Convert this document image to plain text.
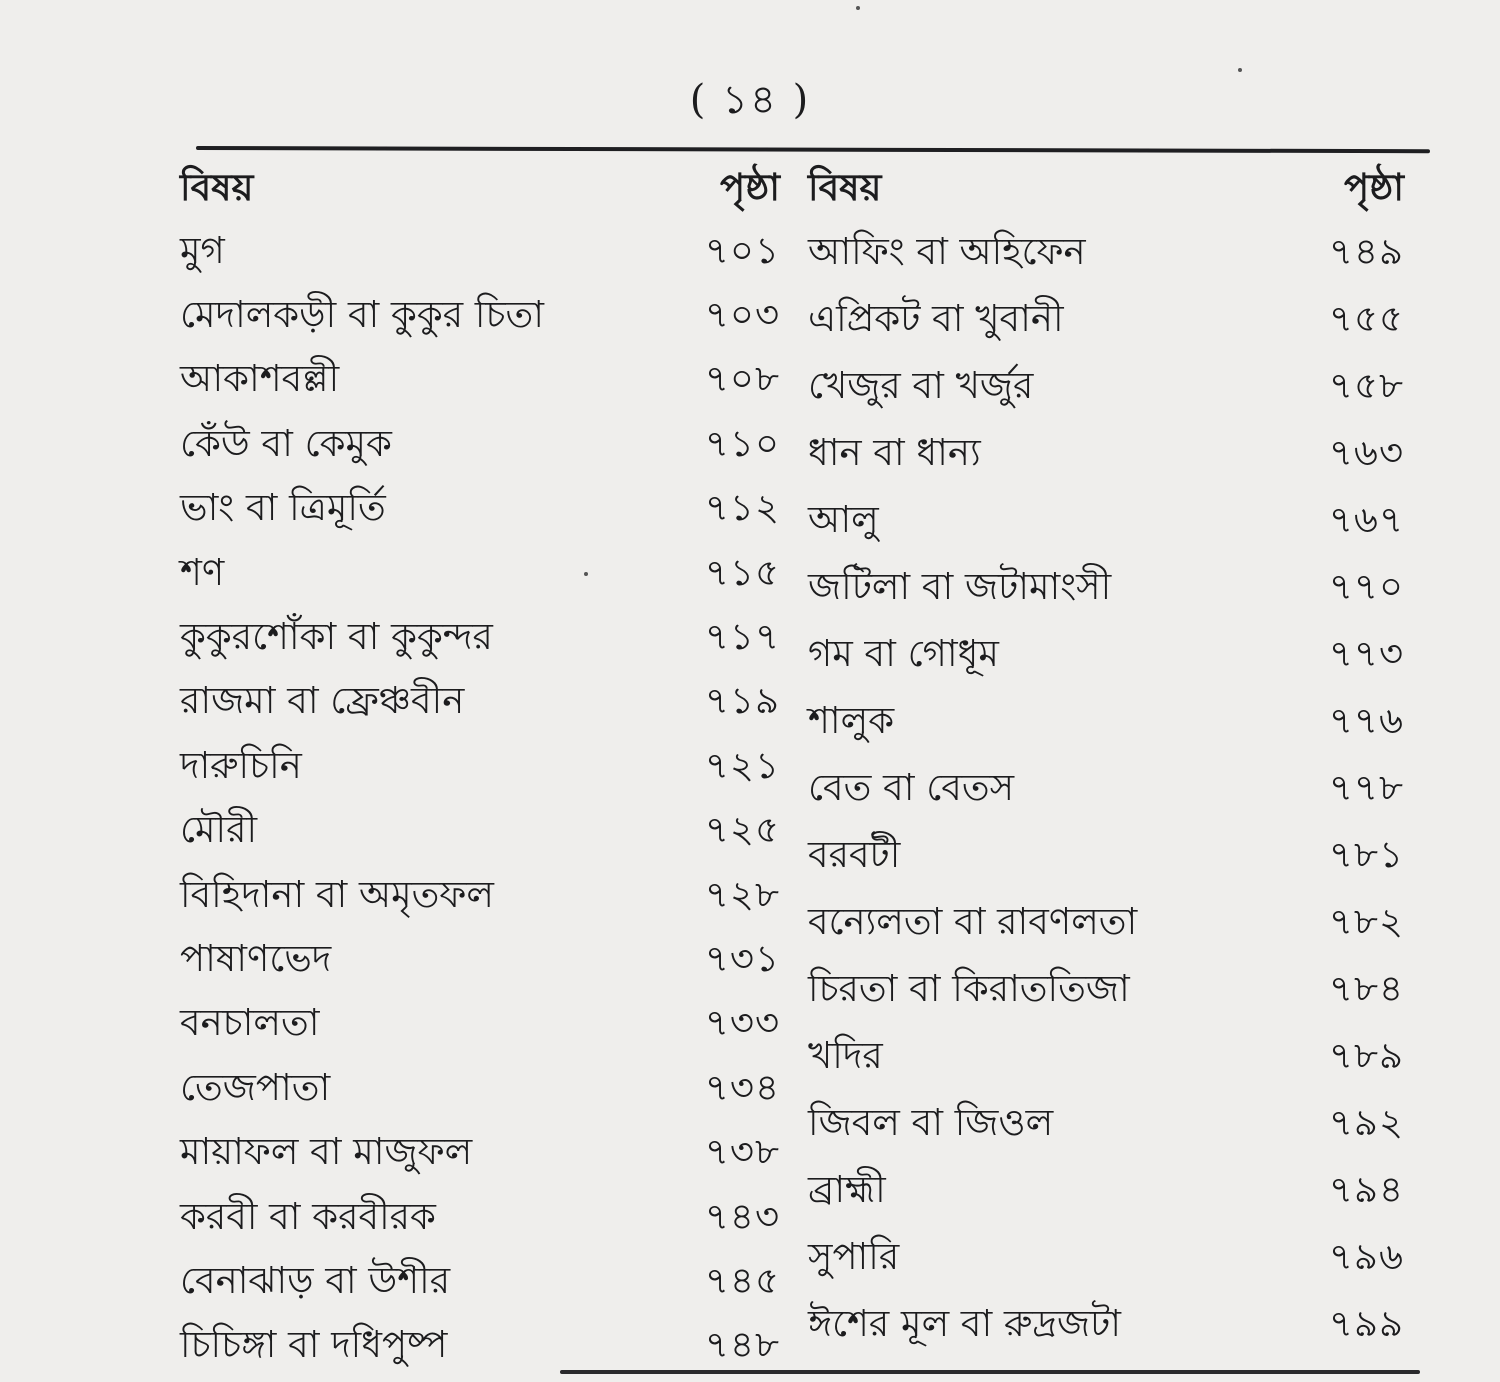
( ১৪ )
বিষয়	পৃষ্ঠা
মুগ	৭০১
মেদালকড়ী বা কুকুর চিতা	৭০৩
আকাশবল্লী	৭০৮
কেঁউ বা কেমুক	৭১০
ভাং বা ত্রিমূর্তি	৭১২
শণ	৭১৫
কুকুরশোঁকা বা কুকুন্দর	৭১৭
রাজমা বা ফ্রেঞ্চবীন	৭১৯
দারুচিনি	৭২১
মৌরী	৭২৫
বিহিদানা বা অমৃতফল	৭২৮
পাষাণভেদ	৭৩১
বনচালতা	৭৩৩
তেজপাতা	৭৩৪
মায়াফল বা মাজুফল	৭৩৮
করবী বা করবীরক	৭৪৩
বেনাঝাড় বা উশীর	৭৪৫
চিচিঙ্গা বা দধিপুষ্প	৭৪৮
বিষয়	পৃষ্ঠা
আফিং বা অহিফেন	৭৪৯
এপ্রিকট বা খুবানী	৭৫৫
খেজুর বা খর্জুর	৭৫৮
ধান বা ধান্য	৭৬৩
আলু	৭৬৭
জটিলা বা জটামাংসী	৭৭০
গম বা গোধূম	৭৭৩
শালুক	৭৭৬
বেত বা বেতস	৭৭৮
বরবটী	৭৮১
বন্যেলতা বা রাবণলতা	৭৮২
চিরতা বা কিরাততিজা	৭৮৪
খদির	৭৮৯
জিবল বা জিওল	৭৯২
ব্রাহ্মী	৭৯৪
সুপারি	৭৯৬
ঈশের মূল বা রুদ্রজটা	৭৯৯
